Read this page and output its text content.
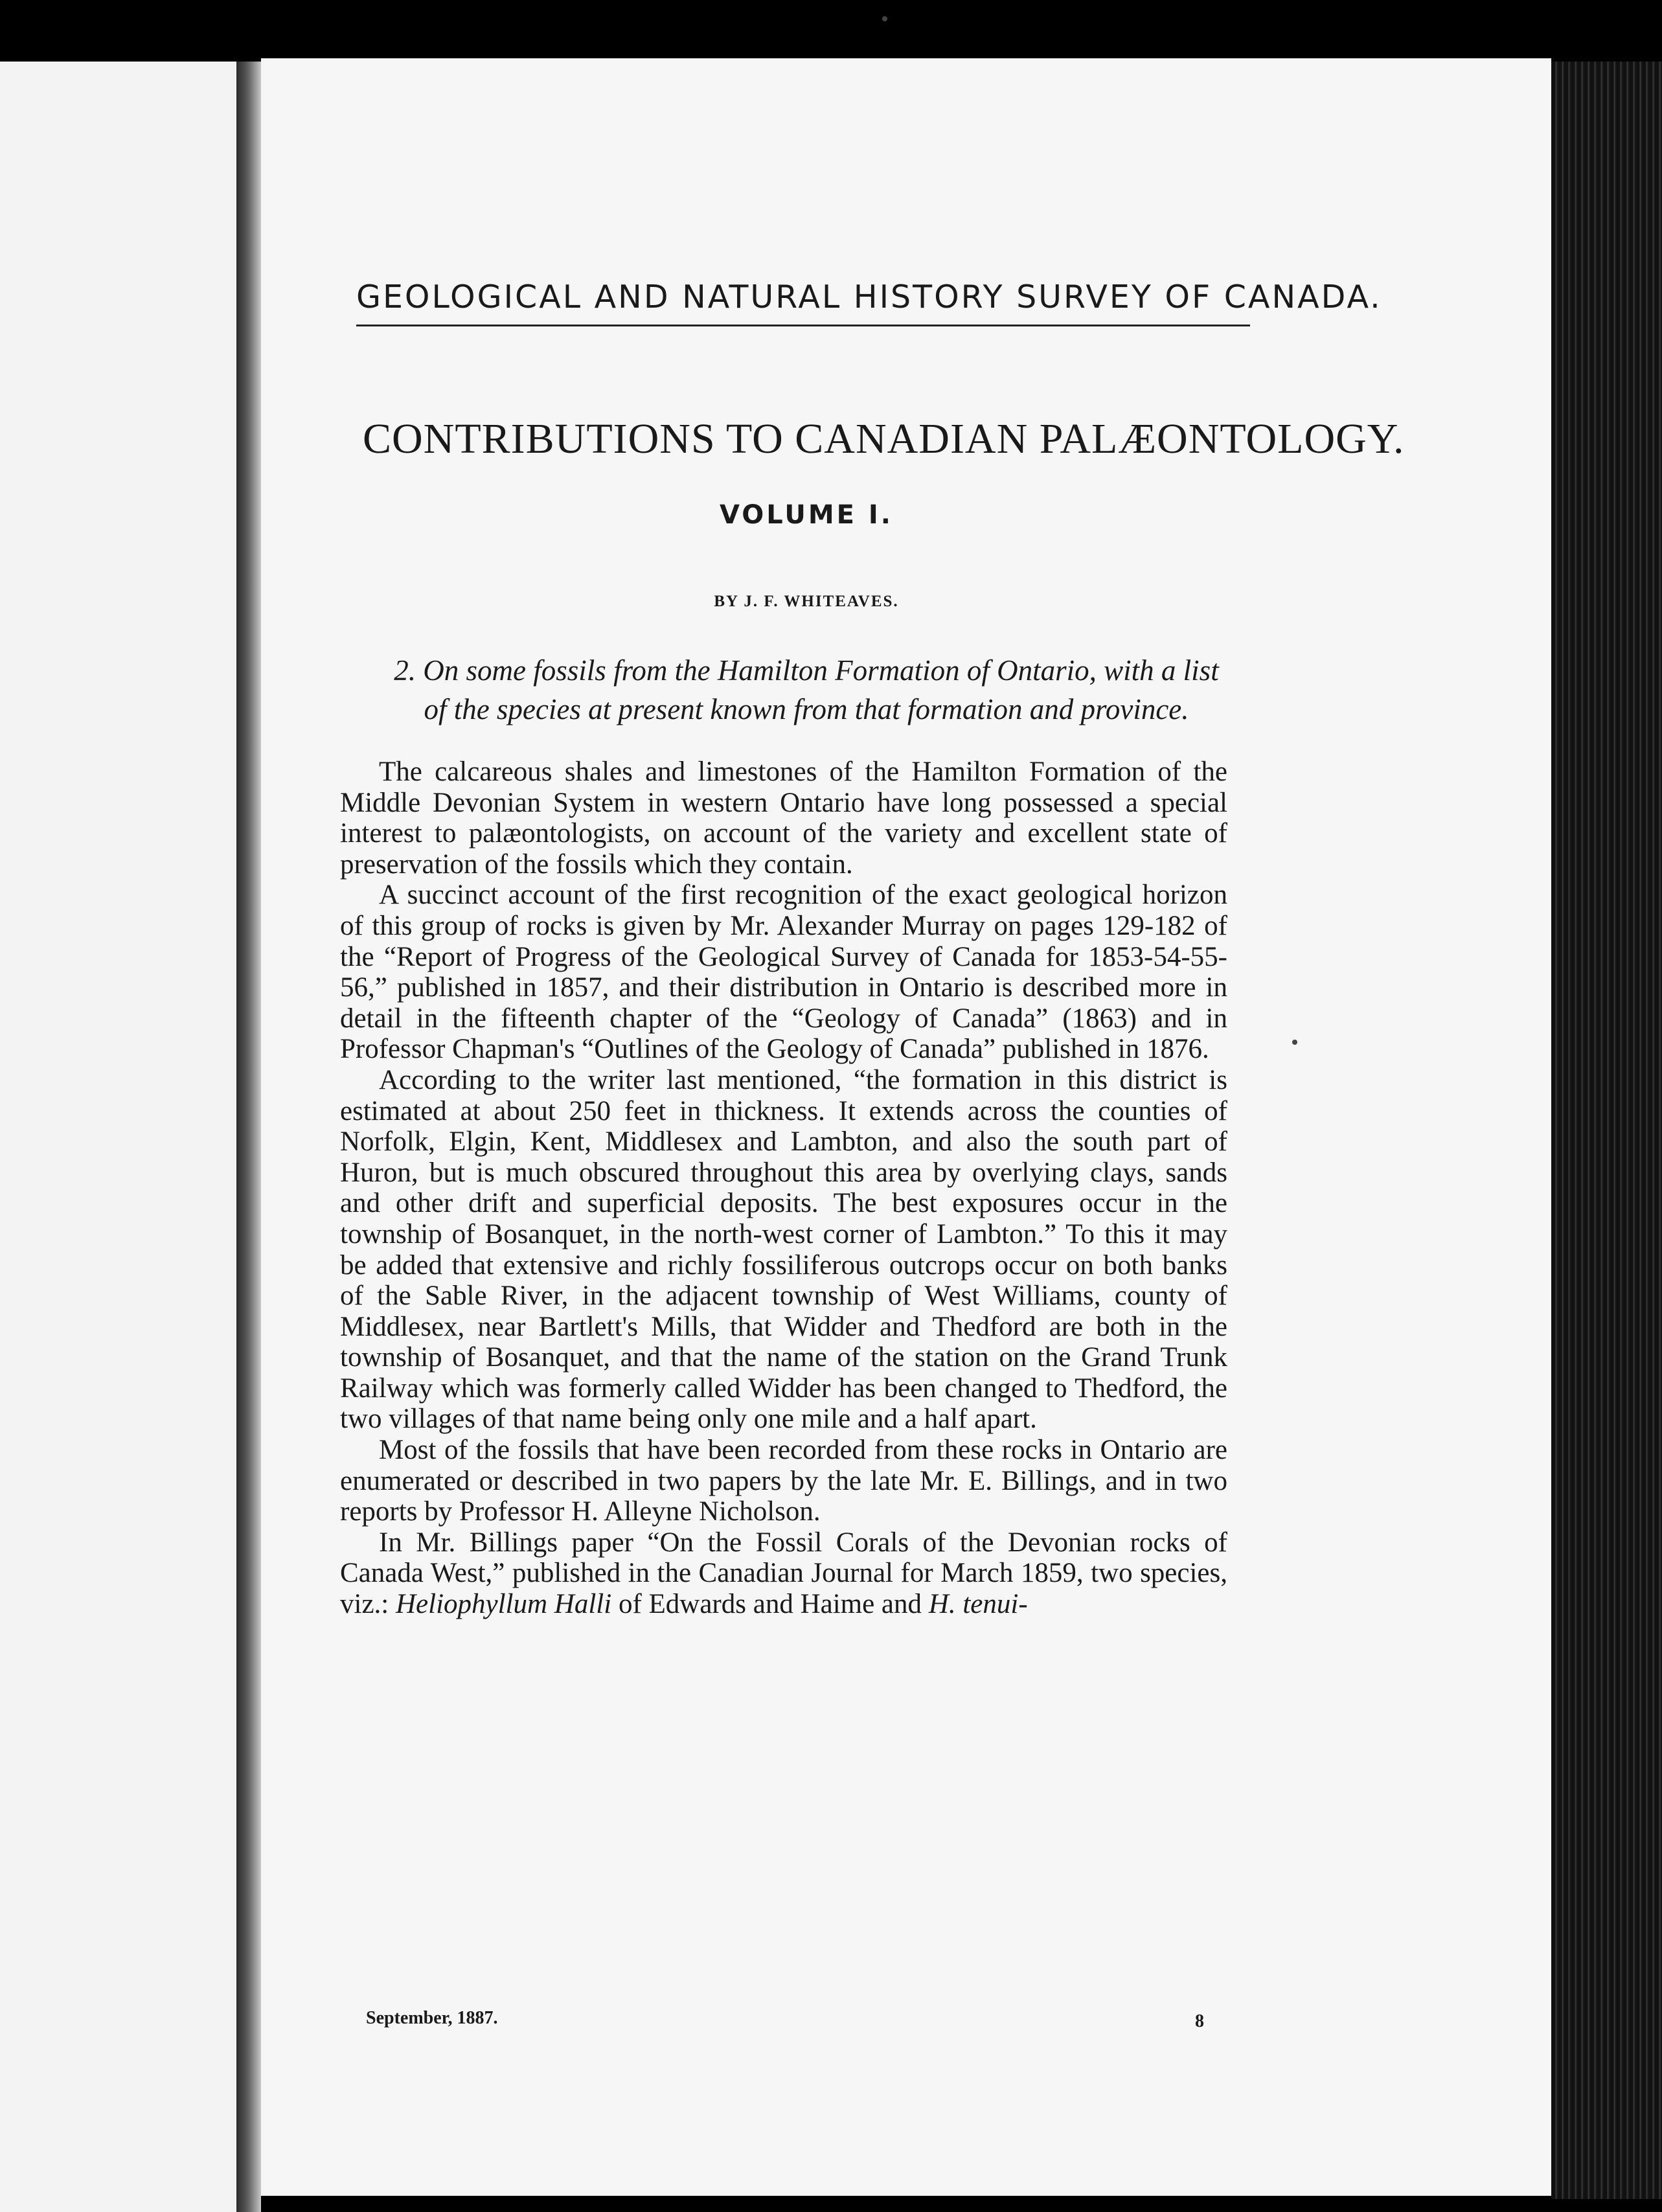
GEOLOGICAL AND NATURAL HISTORY SURVEY OF CANADA.
CONTRIBUTIONS TO CANADIAN PALÆONTOLOGY.
VOLUME I.
BY J. F. WHITEAVES.
2. On some fossils from the Hamilton Formation of Ontario, with a list
of the species at present known from that formation and province.

The calcareous shales and limestones of the Hamilton Formation of the Middle Devonian System in western Ontario have long possessed a special interest to palæontologists, on account of the variety and excellent state of preservation of the fossils which they contain.

A succinct account of the first recognition of the exact geological horizon of this group of rocks is given by Mr. Alexander Murray on pages 129-182 of the “Report of Progress of the Geological Survey of Canada for 1853-54-55-56,” published in 1857, and their distribution in Ontario is described more in detail in the fifteenth chapter of the “Geology of Canada” (1863) and in Professor Chapman's “Outlines of the Geology of Canada” published in 1876.

According to the writer last mentioned, “the formation in this district is estimated at about 250 feet in thickness. It extends across the counties of Norfolk, Elgin, Kent, Middlesex and Lambton, and also the south part of Huron, but is much obscured throughout this area by overlying clays, sands and other drift and superficial deposits. The best exposures occur in the township of Bosanquet, in the north-west corner of Lambton.” To this it may be added that extensive and richly fossiliferous outcrops occur on both banks of the Sable River, in the adjacent township of West Williams, county of Middlesex, near Bartlett's Mills, that Widder and Thedford are both in the township of Bosanquet, and that the name of the station on the Grand Trunk Railway which was formerly called Widder has been changed to Thedford, the two villages of that name being only one mile and a half apart.

Most of the fossils that have been recorded from these rocks in Ontario are enumerated or described in two papers by the late Mr. E. Billings, and in two reports by Professor H. Alleyne Nicholson.

In Mr. Billings paper “On the Fossil Corals of the Devonian rocks of Canada West,” published in the Canadian Journal for March 1859, two species, viz.: Heliophyllum Halli of Edwards and Haime and H. tenui-

September, 1887.	8
